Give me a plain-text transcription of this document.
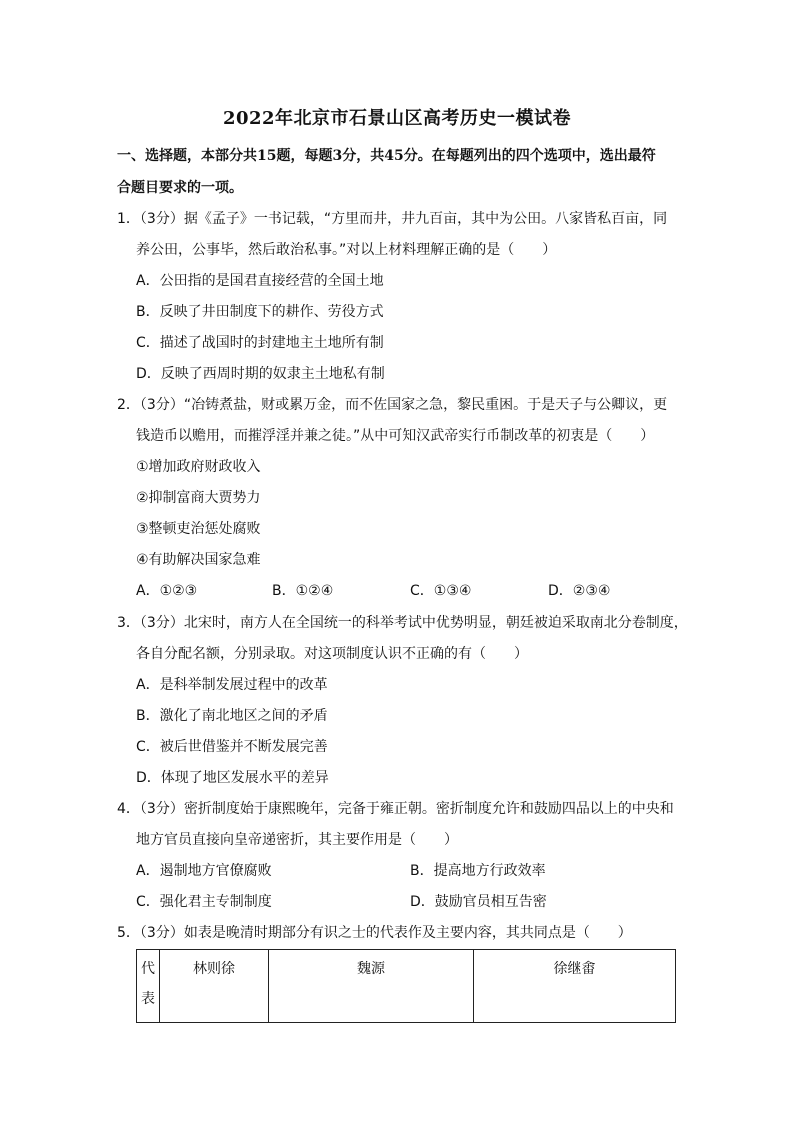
2022年北京市石景山区高考历史一模试卷
一、选择题，本部分共15题，每题3分，共45分。在每题列出的四个选项中，选出最符
合题目要求的一项。
1．（3分）据《孟子》一书记载，“方里而井，井九百亩，其中为公田。八家皆私百亩，同
养公田，公事毕，然后敢治私事。”对以上材料理解正确的是（　　）
A．公田指的是国君直接经营的全国土地
B．反映了井田制度下的耕作、劳役方式
C．描述了战国时的封建地主土地所有制
D．反映了西周时期的奴隶主土地私有制
2．（3分）“冶铸煮盐，财或累万金，而不佐国家之急，黎民重困。于是天子与公卿议，更
钱造币以赡用，而摧浮淫并兼之徒。”从中可知汉武帝实行币制改革的初衷是（　　）
①增加政府财政收入
②抑制富商大贾势力
③整顿吏治惩处腐败
④有助解决国家急难
A．①②③	B．①②④	C．①③④	D．②③④
3．（3分）北宋时，南方人在全国统一的科举考试中优势明显，朝廷被迫采取南北分卷制度，
各自分配名额，分别录取。对这项制度认识不正确的有（　　）
A．是科举制发展过程中的改革
B．激化了南北地区之间的矛盾
C．被后世借鉴并不断发展完善
D．体现了地区发展水平的差异
4．（3分）密折制度始于康熙晚年，完备于雍正朝。密折制度允许和鼓励四品以上的中央和
地方官员直接向皇帝递密折，其主要作用是（　　）
A．遏制地方官僚腐败	B．提高地方行政效率
C．强化君主专制制度	D．鼓励官员相互告密
5．（3分）如表是晚清时期部分有识之士的代表作及主要内容，其共同点是（　　）
代表	林则徐	魏源	徐继畬
